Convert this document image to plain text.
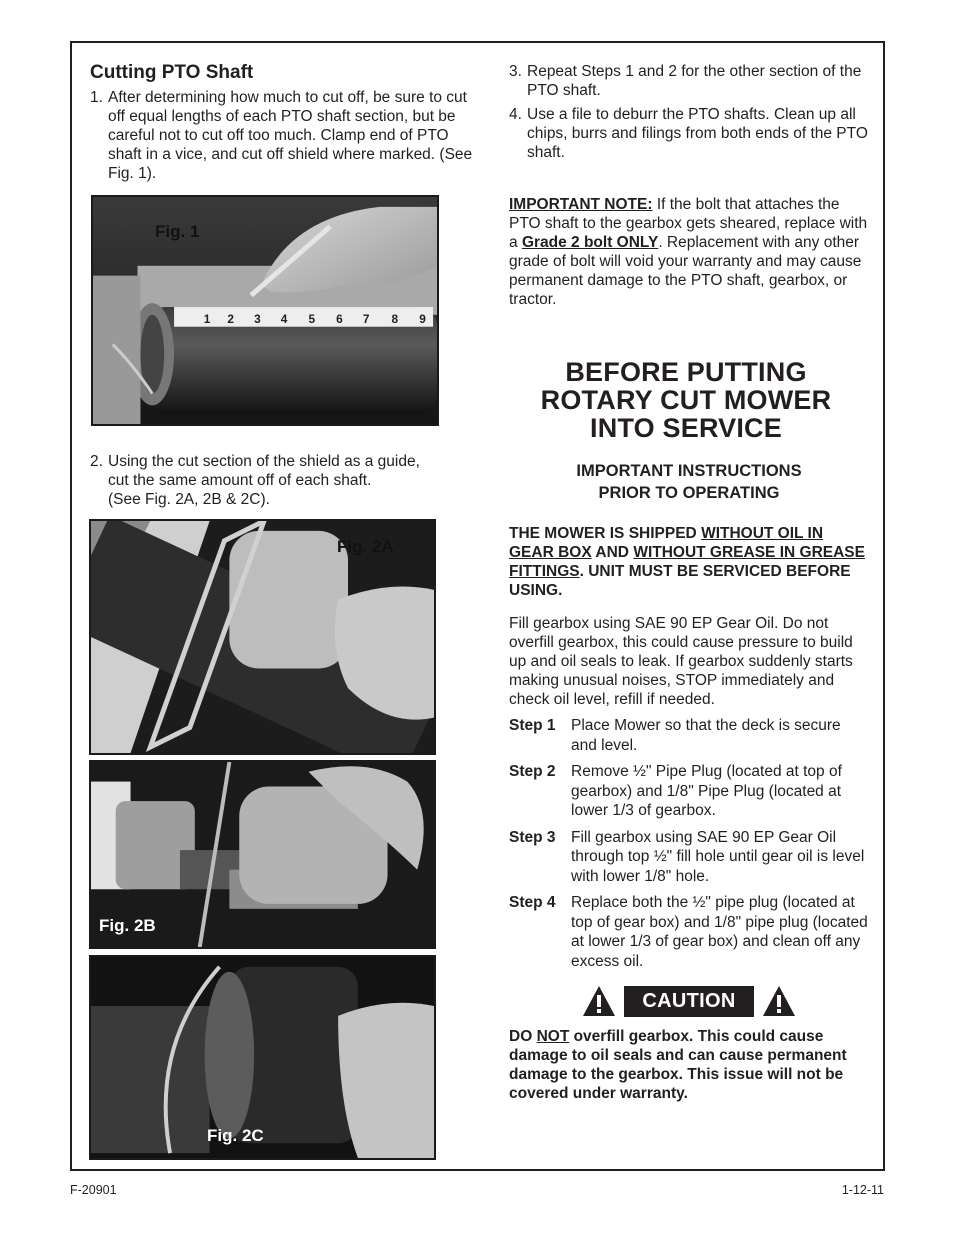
Cutting PTO Shaft
1. After determining how much to cut off, be sure to cut off equal lengths of each PTO shaft section, but be careful not to cut off too much. Clamp end of PTO shaft in a vice, and cut off shield where marked. (See Fig. 1).
1 2 3 4 5 6 7 8 9
Fig. 1
2. Using the cut section of the shield as a guide,
cut the same amount off of each shaft.
(See Fig. 2A, 2B & 2C).
Fig. 2A
Fig. 2B
Fig. 2C
3. Repeat Steps 1 and 2 for the other section of the PTO shaft.
4. Use a file to deburr the PTO shafts. Clean up all chips, burrs and filings from both ends of the PTO shaft.
IMPORTANT NOTE: If the bolt that attaches the PTO shaft to the gearbox gets sheared, replace with a Grade 2 bolt ONLY. Replacement with any other grade of bolt will void your warranty and may cause permanent damage to the PTO shaft, gearbox, or tractor.
BEFORE PUTTING
ROTARY CUT MOWER
INTO SERVICE
IMPORTANT INSTRUCTIONS
PRIOR TO OPERATING
THE MOWER IS SHIPPED WITHOUT OIL IN GEAR BOX AND WITHOUT GREASE IN GREASE FITTINGS. UNIT MUST BE SERVICED BEFORE USING.
Fill gearbox using SAE 90 EP Gear Oil. Do not overfill gearbox, this could cause pressure to build up and oil seals to leak. If gearbox suddenly starts making unusual noises, STOP immediately and check oil level, refill if needed.
Step 1 Place Mower so that the deck is secure and level.
Step 2 Remove ½" Pipe Plug (located at top of gearbox) and 1/8" Pipe Plug (located at lower 1/3 of gearbox.
Step 3 Fill gearbox using SAE 90 EP Gear Oil through top ½" fill hole until gear oil is level with lower 1/8" hole.
Step 4 Replace both the ½" pipe plug (located at top of gear box) and 1/8" pipe plug (located at lower 1/3 of gear box) and clean off any excess oil.
CAUTION
DO NOT overfill gearbox. This could cause damage to oil seals and can cause permanent damage to the gearbox. This issue will not be covered under warranty.
F-20901	1-12-11
